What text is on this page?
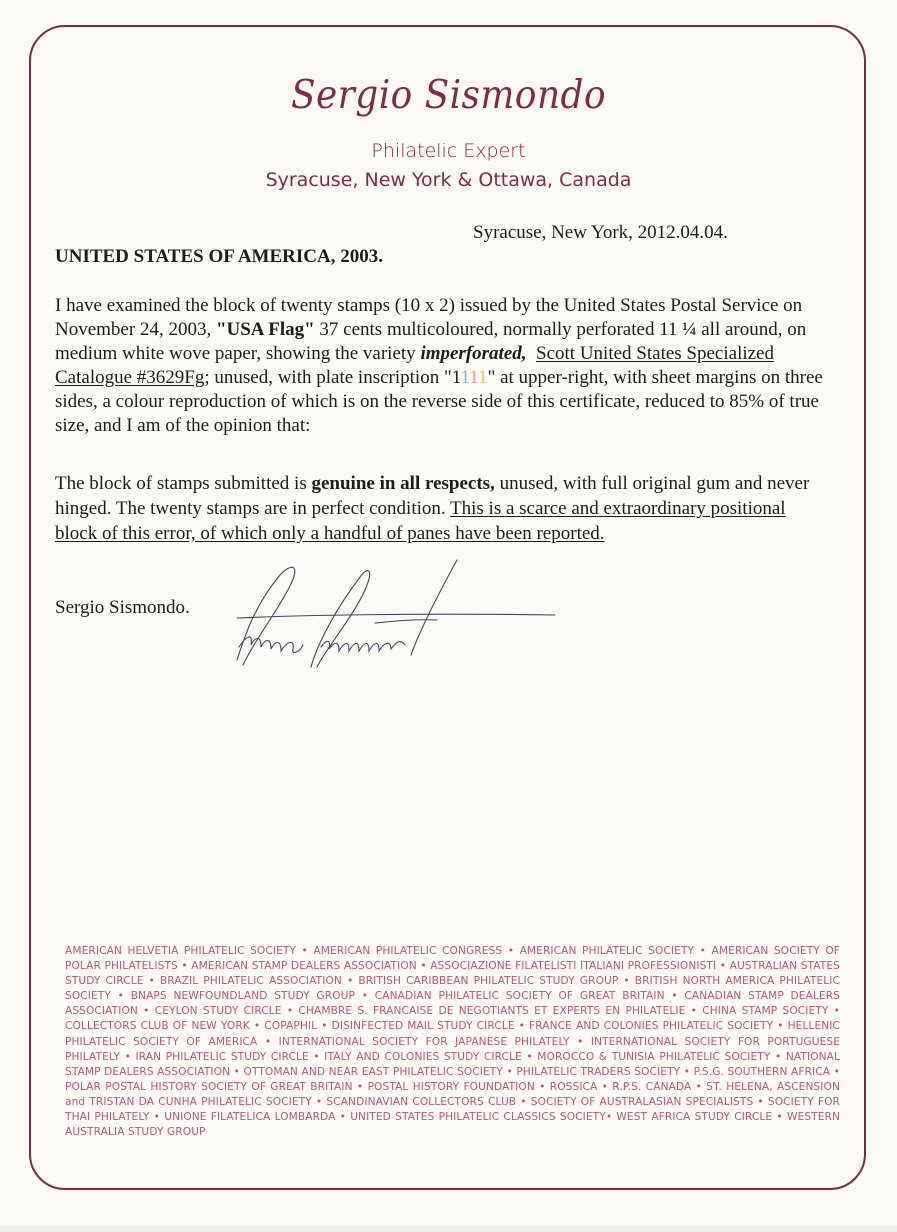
Sergio Sismondo
Philatelic Expert
Syracuse, New York & Ottawa, Canada
Syracuse, New York, 2012.04.04.
UNITED STATES OF AMERICA, 2003.
I have examined the block of twenty stamps (10 x 2) issued by the United States Postal Service on November 24, 2003, "USA Flag" 37 cents multicoloured, normally perforated 11 ¼ all around, on medium white wove paper, showing the variety imperforated, Scott United States Specialized Catalogue #3629Fg; unused, with plate inscription "1111" at upper-right, with sheet margins on three sides, a colour reproduction of which is on the reverse side of this certificate, reduced to 85% of true size, and I am of the opinion that:
The block of stamps submitted is genuine in all respects, unused, with full original gum and never hinged. The twenty stamps are in perfect condition. This is a scarce and extraordinary positional block of this error, of which only a handful of panes have been reported.
Sergio Sismondo.
AMERICAN HELVETIA PHILATELIC SOCIETY • AMERICAN PHILATELIC CONGRESS • AMERICAN PHILATELIC SOCIETY • AMERICAN SOCIETY OF POLAR PHILATELISTS • AMERICAN STAMP DEALERS ASSOCIATION • ASSOCIAZIONE FILATELISTI ITALIANI PROFESSIONISTI • AUSTRALIAN STATES STUDY CIRCLE • BRAZIL PHILATELIC ASSOCIATION • BRITISH CARIBBEAN PHILATELIC STUDY GROUP • BRITISH NORTH AMERICA PHILATELIC SOCIETY • BNAPS NEWFOUNDLAND STUDY GROUP • CANADIAN PHILATELIC SOCIETY OF GREAT BRITAIN • CANADIAN STAMP DEALERS ASSOCIATION • CEYLON STUDY CIRCLE • CHAMBRE S. FRANCAISE DE NEGOTIANTS ET EXPERTS EN PHILATELIE • CHINA STAMP SOCIETY • COLLECTORS CLUB OF NEW YORK • COPAPHIL • DISINFECTED MAIL STUDY CIRCLE • FRANCE AND COLONIES PHILATELIC SOCIETY • HELLENIC PHILATELIC SOCIETY OF AMERICA • INTERNATIONAL SOCIETY FOR JAPANESE PHILATELY • INTERNATIONAL SOCIETY FOR PORTUGUESE PHILATELY • IRAN PHILATELIC STUDY CIRCLE • ITALY AND COLONIES STUDY CIRCLE • MOROCCO & TUNISIA PHILATELIC SOCIETY • NATIONAL STAMP DEALERS ASSOCIATION • OTTOMAN AND NEAR EAST PHILATELIC SOCIETY • PHILATELIC TRADERS SOCIETY • P.S.G. SOUTHERN AFRICA • POLAR POSTAL HISTORY SOCIETY OF GREAT BRITAIN • POSTAL HISTORY FOUNDATION • ROSSICA • R.P.S. CANADA • ST. HELENA, ASCENSION and TRISTAN DA CUNHA PHILATELIC SOCIETY • SCANDINAVIAN COLLECTORS CLUB • SOCIETY OF AUSTRALASIAN SPECIALISTS • SOCIETY FOR THAI PHILATELY • UNIONE FILATELICA LOMBARDA • UNITED STATES PHILATELIC CLASSICS SOCIETY• WEST AFRICA STUDY CIRCLE • WESTERN AUSTRALIA STUDY GROUP
